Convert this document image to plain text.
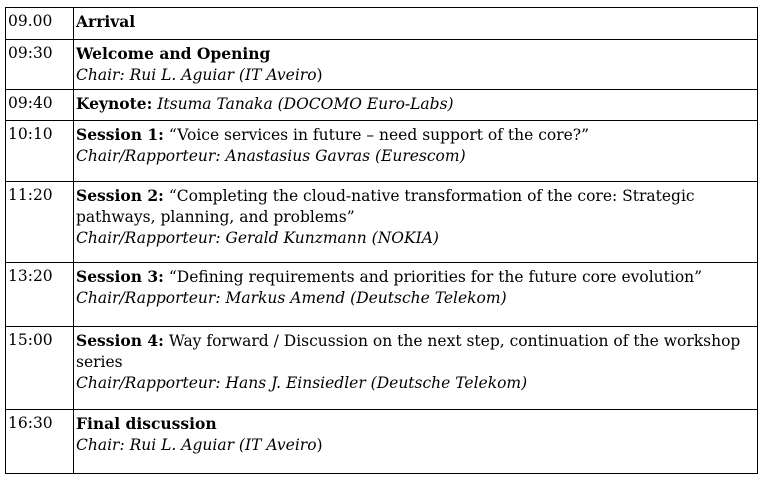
09.00	Arrival

09:30	Welcome and Opening
Chair: Rui L. Aguiar (IT Aveiro)

09:40	Keynote: Itsuma Tanaka (DOCOMO Euro-Labs)

10:10	Session 1: “Voice services in future – need support of the core?”
Chair/Rapporteur: Anastasius Gavras (Eurescom)

11:20	Session 2: “Completing the cloud-native transformation of the core: Strategic
pathways, planning, and problems”
Chair/Rapporteur: Gerald Kunzmann (NOKIA)

13:20	Session 3: “Defining requirements and priorities for the future core evolution”
Chair/Rapporteur: Markus Amend (Deutsche Telekom)

15:00	Session 4: Way forward / Discussion on the next step, continuation of the workshop
series
Chair/Rapporteur: Hans J. Einsiedler (Deutsche Telekom)

16:30	Final discussion
Chair: Rui L. Aguiar (IT Aveiro)
